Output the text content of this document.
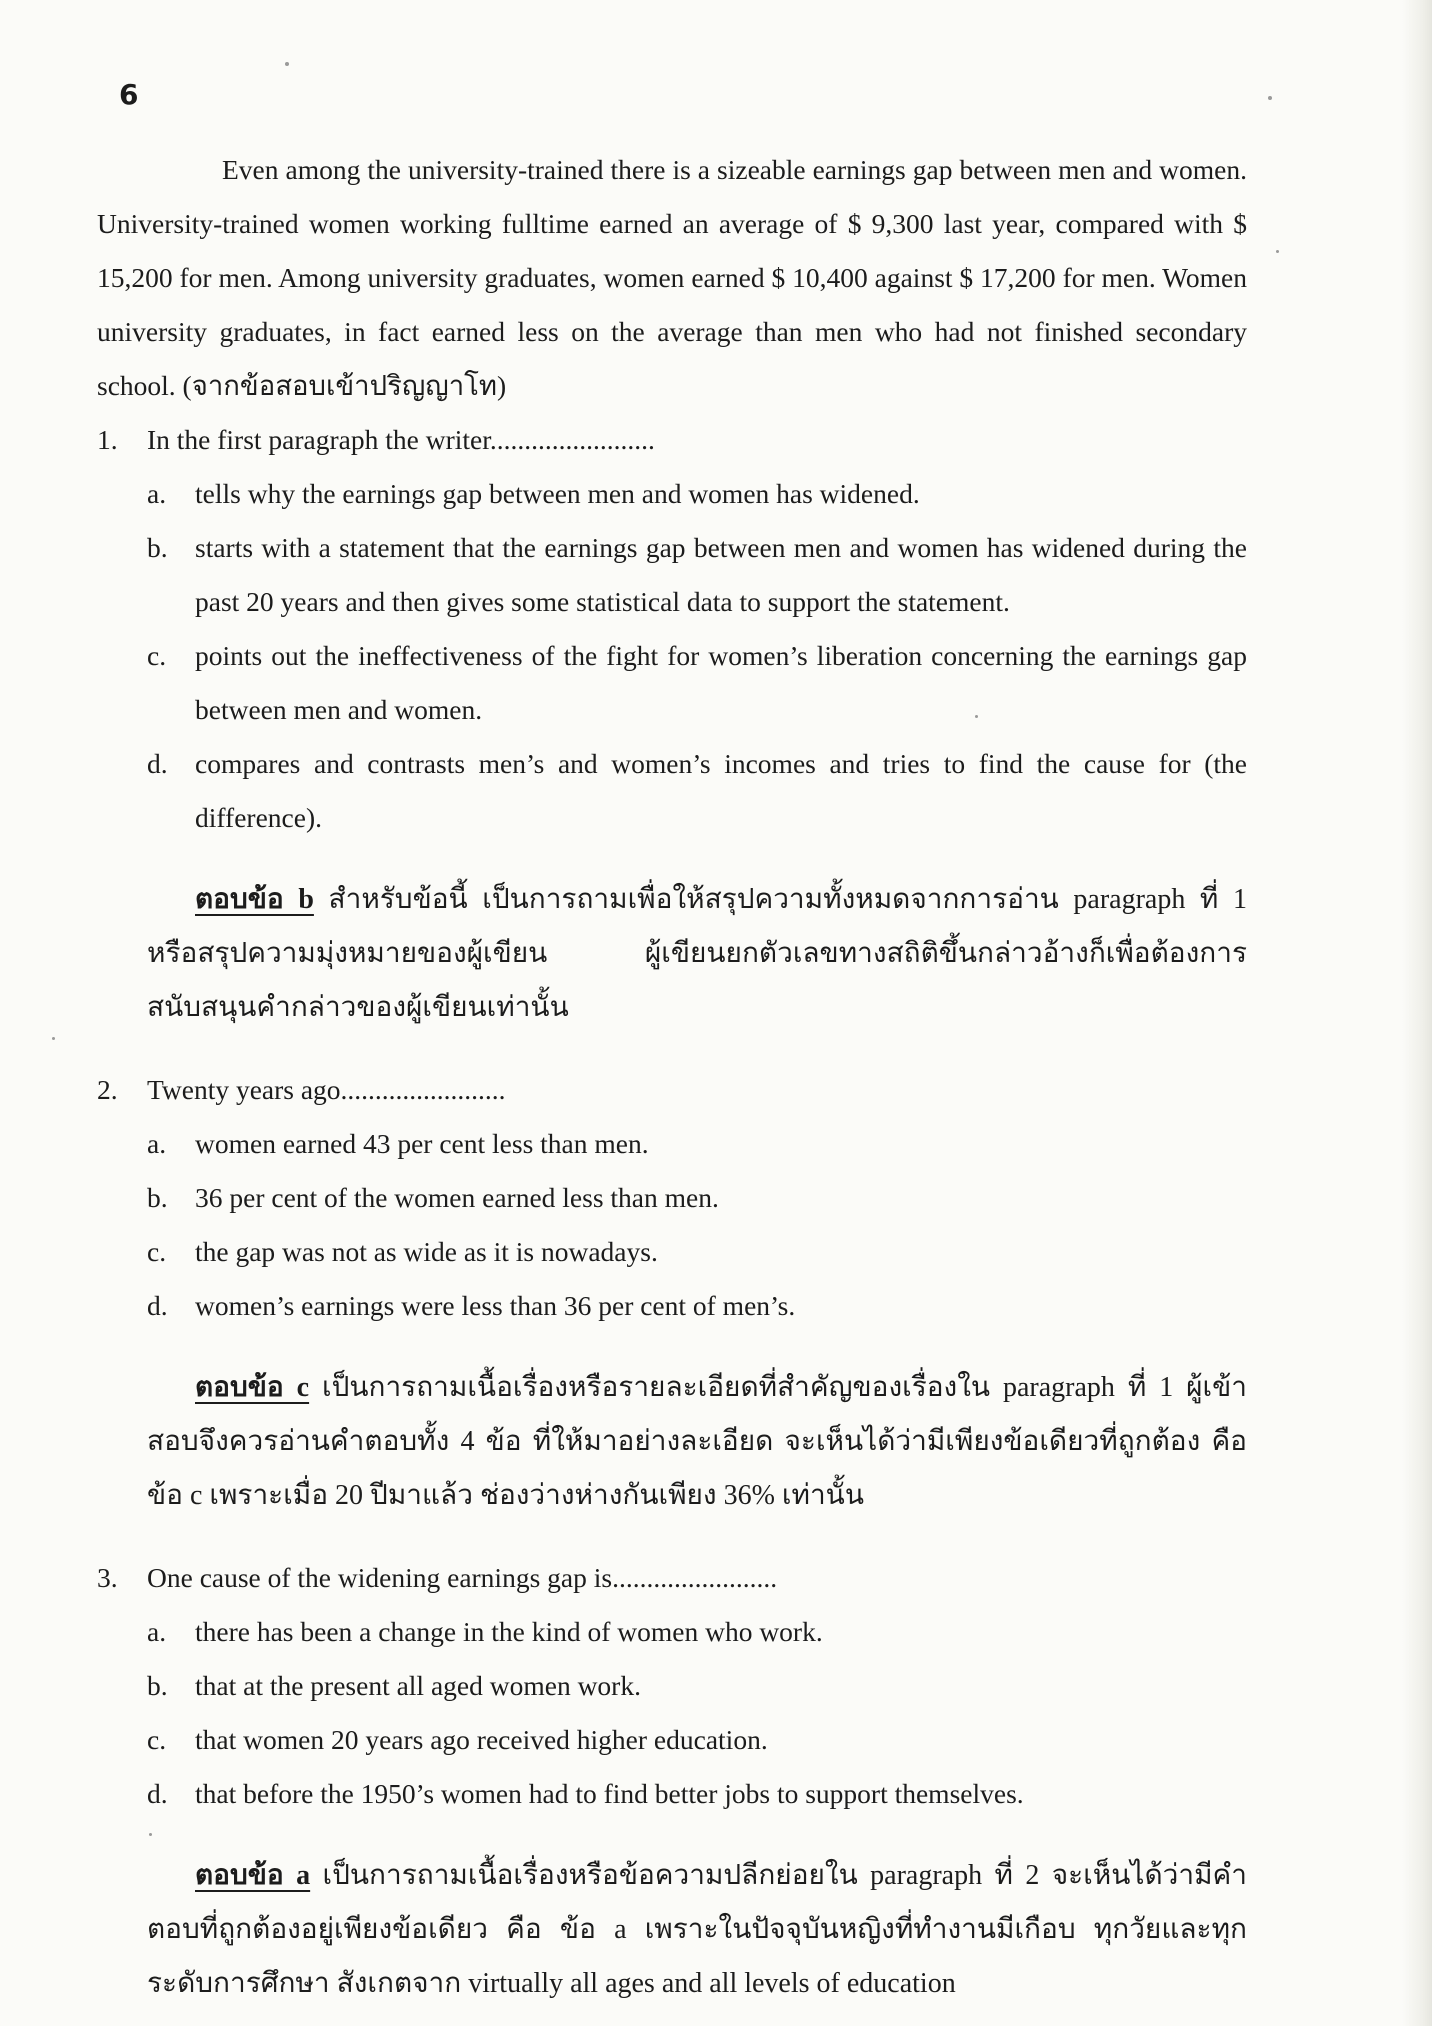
6

Even among the university-trained there is a sizeable earnings gap between men and women. University-trained women working fulltime earned an average of $ 9,300 last year, compared with $ 15,200 for men. Among university graduates, women earned $ 10,400 against $ 17,200 for men. Women university graduates, in fact earned less on the average than men who had not finished secondary school. (จากข้อสอบเข้าปริญญาโท)

1.	In the first paragraph the writer........................
a.	tells why the earnings gap between men and women has widened.
b. starts with a statement that the earnings gap between men and women has widened during the past 20 years and then gives some statistical data to support the statement.
c.	points out the ineffectiveness of the fight for women’s liberation concerning the earnings gap between men and women.
d. compares and contrasts men’s and women’s incomes and tries to find the cause for (the difference).

ตอบข้อ b สำหรับข้อนี้ เป็นการถามเพื่อให้สรุปความทั้งหมดจากการอ่าน paragraph ที่ 1 หรือสรุปความมุ่งหมายของผู้เขียน ผู้เขียนยกตัวเลขทางสถิติขึ้นกล่าวอ้างก็เพื่อต้องการสนับสนุนคำกล่าวของผู้เขียนเท่านั้น

2.	Twenty years ago........................
a.	women earned 43 per cent less than men.
b. 36 per cent of the women earned less than men.
c.	the gap was not as wide as it is nowadays.
d. women’s earnings were less than 36 per cent of men’s.

ตอบข้อ c เป็นการถามเนื้อเรื่องหรือรายละเอียดที่สำคัญของเรื่องใน paragraph ที่ 1 ผู้เข้าสอบจึงควรอ่านคำตอบทั้ง 4 ข้อ ที่ให้มาอย่างละเอียด จะเห็นได้ว่ามีเพียงข้อเดียวที่ถูกต้อง คือข้อ c เพราะเมื่อ 20 ปีมาแล้ว ช่องว่างห่างกันเพียง 36% เท่านั้น

3.	One cause of the widening earnings gap is........................
a.	there has been a change in the kind of women who work.
b. that at the present all aged women work.
c.	that women 20 years ago received higher education.
d. that before the 1950’s women had to find better jobs to support themselves.

ตอบข้อ a เป็นการถามเนื้อเรื่องหรือข้อความปลีกย่อยใน paragraph ที่ 2 จะเห็นได้ว่ามีคำตอบที่ถูกต้องอยู่เพียงข้อเดียว คือ ข้อ a เพราะในปัจจุบันหญิงที่ทำงานมีเกือบ ทุกวัยและทุกระดับการศึกษา สังเกตจาก virtually all ages and all levels of education
